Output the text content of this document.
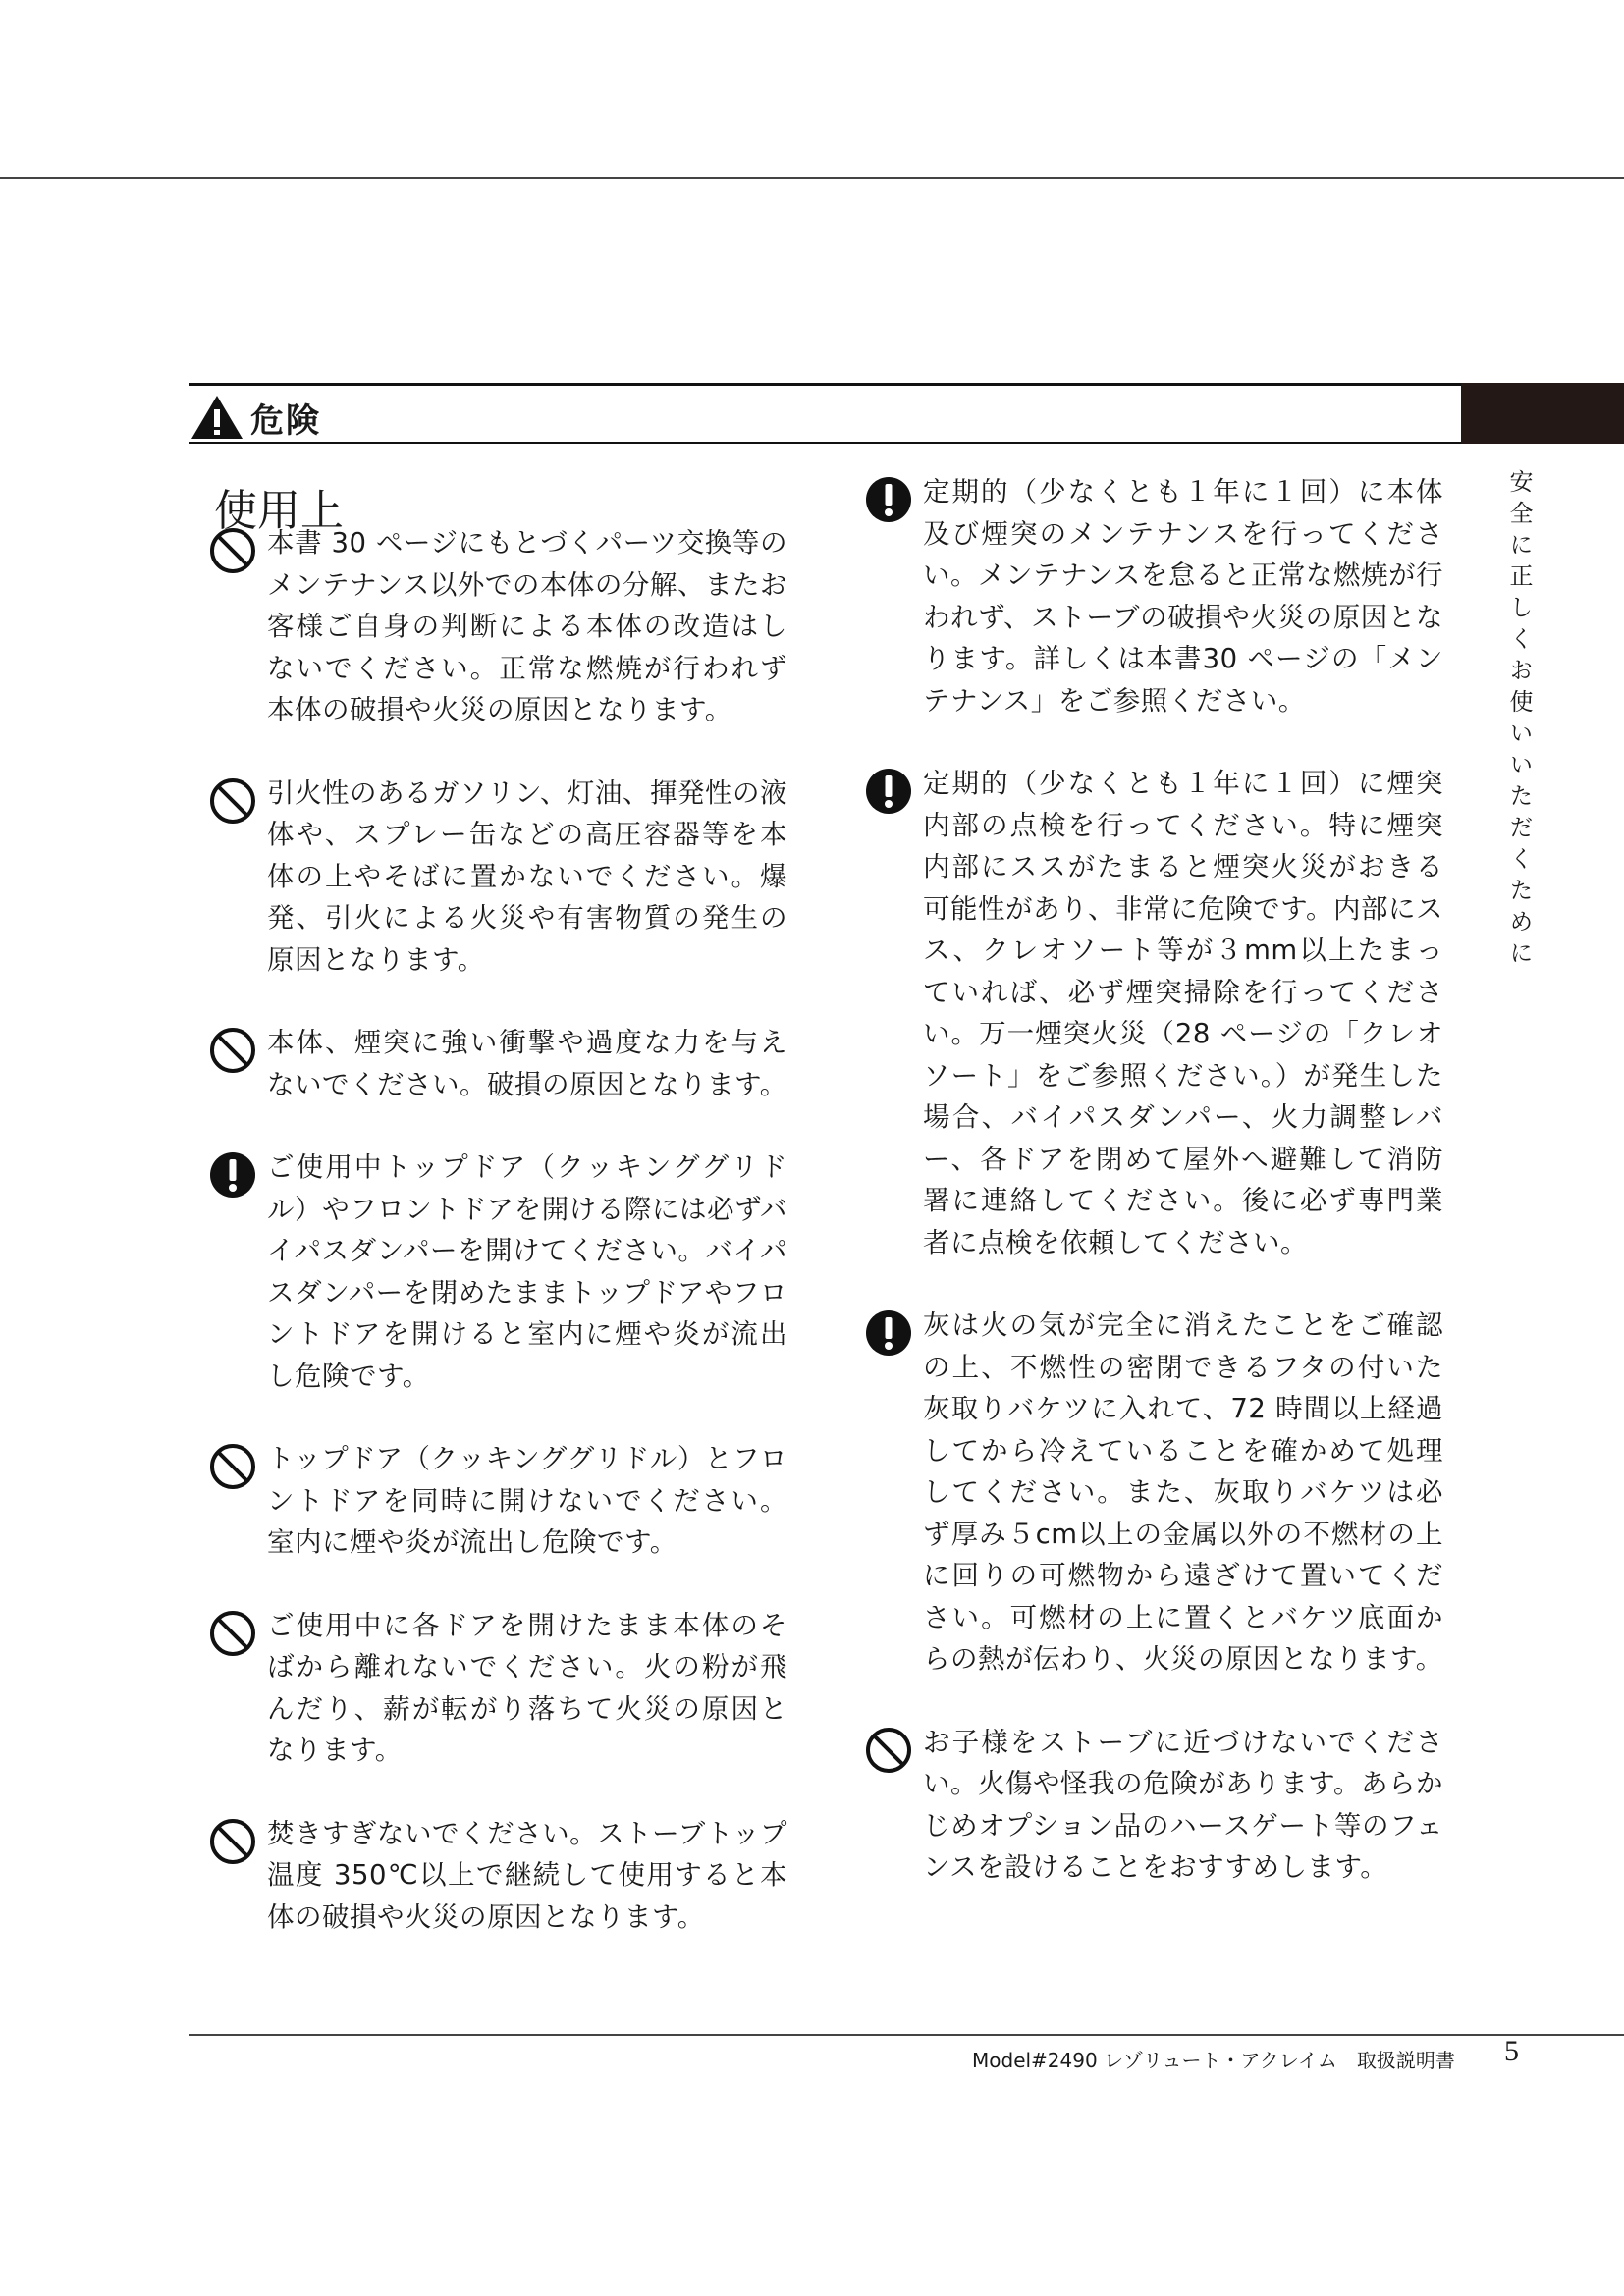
危険
使用上	安全に正しくお使いいただくために

本書 30 ページにもとづくパーツ交換等のメンテナンス以外での本体の分解、またお客様ご自身の判断による本体の改造はしないでください。正常な燃焼が行われず本体の破損や火災の原因となります。

引火性のあるガソリン、灯油、揮発性の液体や、スプレー缶などの高圧容器等を本体の上やそばに置かないでください。爆発、引火による火災や有害物質の発生の原因となります。

本体、煙突に強い衝撃や過度な力を与えないでください。破損の原因となります。

ご使用中トップドア（クッキンググリドル）やフロントドアを開ける際には必ずバイパスダンパーを開けてください。バイパスダンパーを閉めたままトップドアやフロントドアを開けると室内に煙や炎が流出し危険です。

トップドア（クッキンググリドル）とフロントドアを同時に開けないでください。室内に煙や炎が流出し危険です。

ご使用中に各ドアを開けたまま本体のそばから離れないでください。火の粉が飛んだり、薪が転がり落ちて火災の原因となります。

焚きすぎないでください。ストーブトップ温度 350℃以上で継続して使用すると本体の破損や火災の原因となります。

定期的（少なくとも１年に１回）に本体及び煙突のメンテナンスを行ってください。メンテナンスを怠ると正常な燃焼が行われず、ストーブの破損や火災の原因となります。詳しくは本書30 ページの「メンテナンス」をご参照ください。

定期的（少なくとも１年に１回）に煙突内部の点検を行ってください。特に煙突内部にススがたまると煙突火災がおきる可能性があり、非常に危険です。内部にスス、クレオソート等が３mm以上たまっていれば、必ず煙突掃除を行ってください。万一煙突火災（28 ページの「クレオソート」をご参照ください。）が発生した場合、バイパスダンパー、火力調整レバー、各ドアを閉めて屋外へ避難して消防署に連絡してください。後に必ず専門業者に点検を依頼してください。

灰は火の気が完全に消えたことをご確認の上、不燃性の密閉できるフタの付いた灰取りバケツに入れて、72 時間以上経過してから冷えていることを確かめて処理してください。また、灰取りバケツは必ず厚み５cm以上の金属以外の不燃材の上に回りの可燃物から遠ざけて置いてください。可燃材の上に置くとバケツ底面からの熱が伝わり、火災の原因となります。

お子様をストーブに近づけないでください。火傷や怪我の危険があります。あらかじめオプション品のハースゲート等のフェンスを設けることをおすすめします。

Model#2490 レゾリュート・アクレイム　取扱説明書 5
